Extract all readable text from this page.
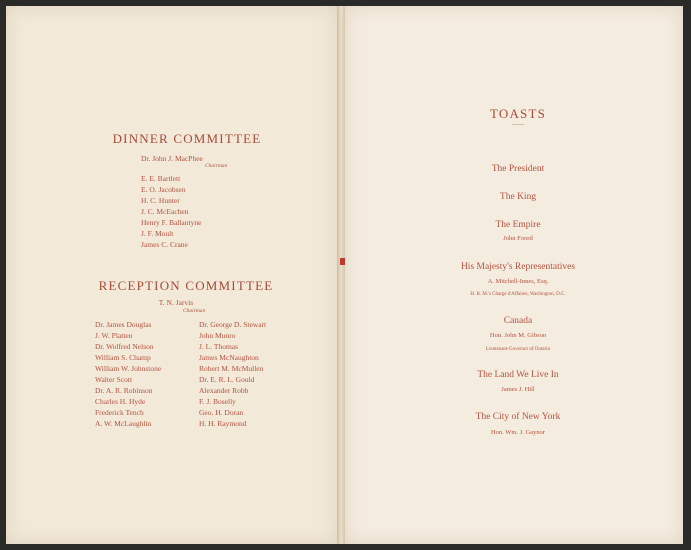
DINNER COMMITTEE
Dr. John J. MacPhee
Chairman
E. E. Bartlett
E. O. Jacobsen
H. C. Hunter
J. C. McEachen
Henry F. Ballantyne
J. F. Moult
James C. Crane
RECEPTION COMMITTEE
T. N. Jarvis
Chairman
Dr. James Douglas
J. W. Platten
Dr. Wolfred Nelson
William S. Champ
William W. Johnstone
Walter Scott
Dr. A. R. Robinson
Charles H. Hyde
Frederick Tench
A. W. McLaughlin
Dr. George D. Stewart
John Munro
J. L. Thomas
James McNaughton
Robert M. McMullen
Dr. E. R. L. Gould
Alexander Robb
F. J. Boselly
Geo. H. Doran
H. H. Raymond
TOASTS
The President
The King
The Empire
John Foord
His Majesty's Representatives
A. Mitchell-Innes, Esq.
H. B. M.'s Chargé d'Affaires, Washington, D.C.
Canada
Hon. John M. Gibson
Lieutenant-Governor of Ontario
The Land We Live In
James J. Hill
The City of New York
Hon. Wm. J. Gaynor
